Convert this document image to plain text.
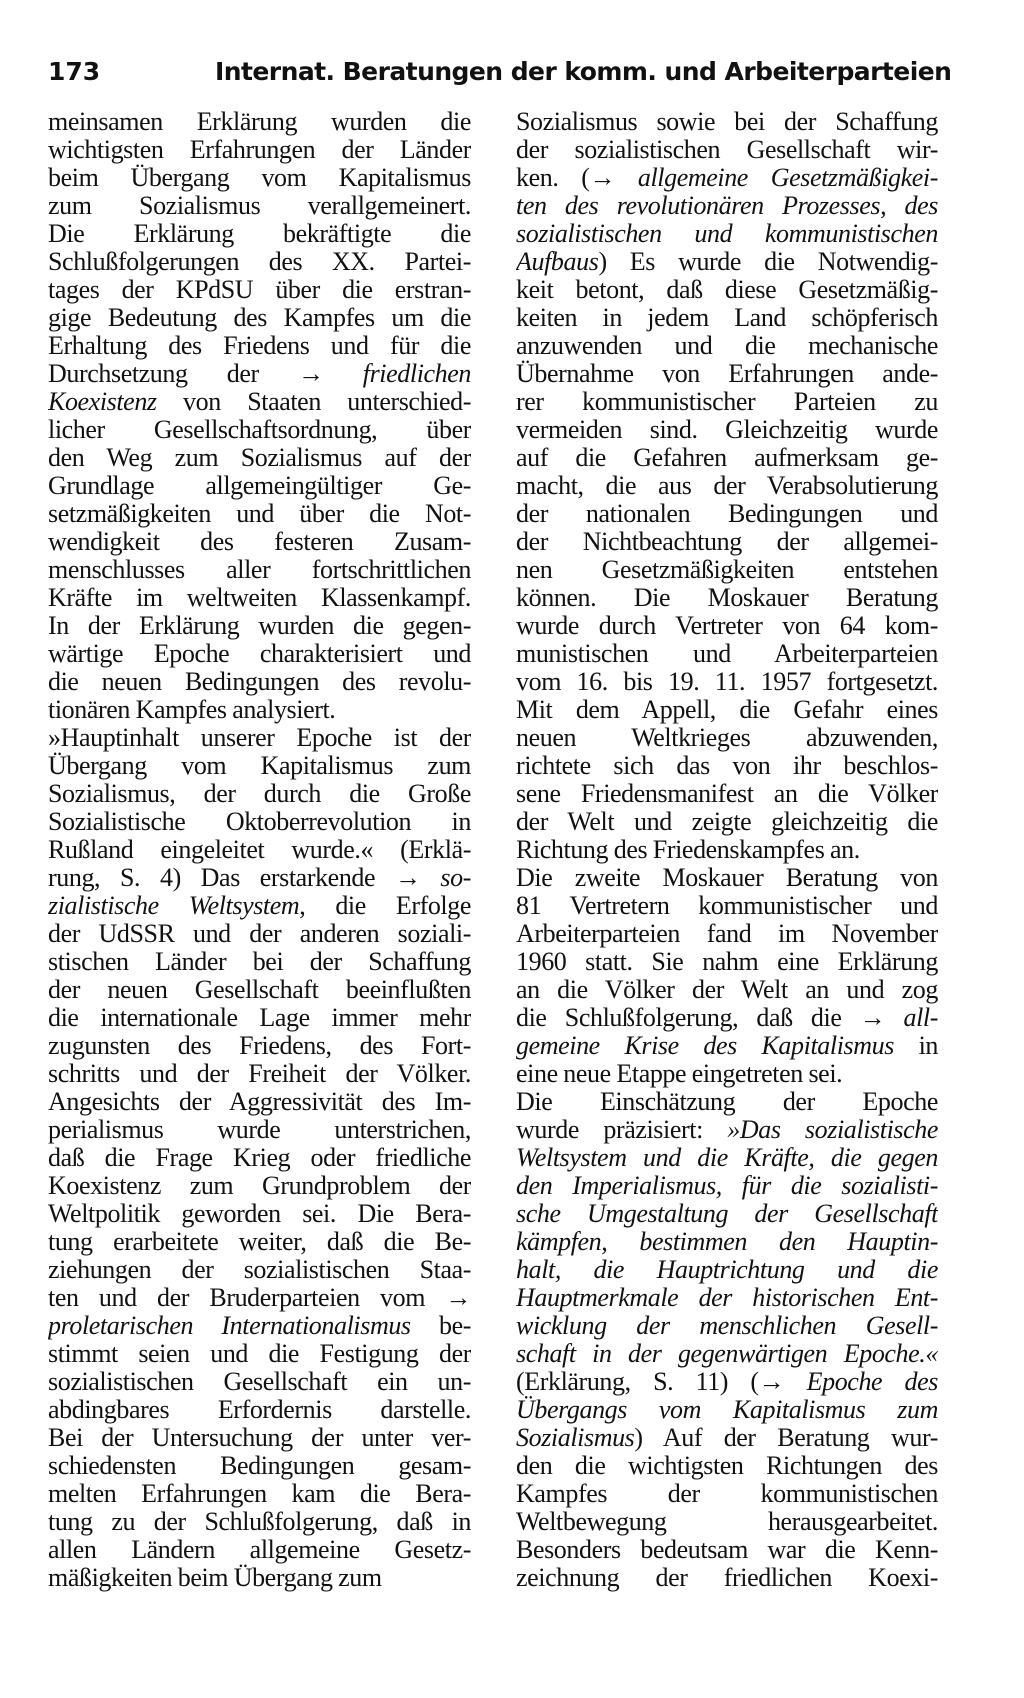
173	Internat. Beratungen der komm. und Arbeiterparteien
meinsamen Erklärung wurden die
wichtigsten Erfahrungen der Länder
beim Übergang vom Kapitalismus
zum Sozialismus verallgemeinert.
Die Erklärung bekräftigte die
Schlußfolgerungen des XX. Partei-
tages der KPdSU über die erstran-
gige Bedeutung des Kampfes um die
Erhaltung des Friedens und für die
Durchsetzung der → friedlichen
Koexistenz von Staaten unterschied-
licher Gesellschaftsordnung, über
den Weg zum Sozialismus auf der
Grundlage allgemeingültiger Ge-
setzmäßigkeiten und über die Not-
wendigkeit des festeren Zusam-
menschlusses aller fortschrittlichen
Kräfte im weltweiten Klassenkampf.
In der Erklärung wurden die gegen-
wärtige Epoche charakterisiert und
die neuen Bedingungen des revolu-
tionären Kampfes analysiert.
»Hauptinhalt unserer Epoche ist der
Übergang vom Kapitalismus zum
Sozialismus, der durch die Große
Sozialistische Oktoberrevolution in
Rußland eingeleitet wurde.« (Erklä-
rung, S. 4) Das erstarkende → so-
zialistische Weltsystem, die Erfolge
der UdSSR und der anderen soziali-
stischen Länder bei der Schaffung
der neuen Gesellschaft beeinflußten
die internationale Lage immer mehr
zugunsten des Friedens, des Fort-
schritts und der Freiheit der Völker.
Angesichts der Aggressivität des Im-
perialismus wurde unterstrichen,
daß die Frage Krieg oder friedliche
Koexistenz zum Grundproblem der
Weltpolitik geworden sei. Die Bera-
tung erarbeitete weiter, daß die Be-
ziehungen der sozialistischen Staa-
ten und der Bruderparteien vom →
proletarischen Internationalismus be-
stimmt seien und die Festigung der
sozialistischen Gesellschaft ein un-
abdingbares Erfordernis darstelle.
Bei der Untersuchung der unter ver-
schiedensten Bedingungen gesam-
melten Erfahrungen kam die Bera-
tung zu der Schlußfolgerung, daß in
allen Ländern allgemeine Gesetz-
mäßigkeiten beim Übergang zum
Sozialismus sowie bei der Schaffung
der sozialistischen Gesellschaft wir-
ken. (→ allgemeine Gesetzmäßigkei-
ten des revolutionären Prozesses, des
sozialistischen und kommunistischen
Aufbaus) Es wurde die Notwendig-
keit betont, daß diese Gesetzmäßig-
keiten in jedem Land schöpferisch
anzuwenden und die mechanische
Übernahme von Erfahrungen ande-
rer kommunistischer Parteien zu
vermeiden sind. Gleichzeitig wurde
auf die Gefahren aufmerksam ge-
macht, die aus der Verabsolutierung
der nationalen Bedingungen und
der Nichtbeachtung der allgemei-
nen Gesetzmäßigkeiten entstehen
können. Die Moskauer Beratung
wurde durch Vertreter von 64 kom-
munistischen und Arbeiterparteien
vom 16. bis 19. 11. 1957 fortgesetzt.
Mit dem Appell, die Gefahr eines
neuen Weltkrieges abzuwenden,
richtete sich das von ihr beschlos-
sene Friedensmanifest an die Völker
der Welt und zeigte gleichzeitig die
Richtung des Friedenskampfes an.
Die zweite Moskauer Beratung von
81 Vertretern kommunistischer und
Arbeiterparteien fand im November
1960 statt. Sie nahm eine Erklärung
an die Völker der Welt an und zog
die Schlußfolgerung, daß die → all-
gemeine Krise des Kapitalismus in
eine neue Etappe eingetreten sei.
Die Einschätzung der Epoche
wurde präzisiert: »Das sozialistische
Weltsystem und die Kräfte, die gegen
den Imperialismus, für die sozialisti-
sche Umgestaltung der Gesellschaft
kämpfen, bestimmen den Hauptin-
halt, die Hauptrichtung und die
Hauptmerkmale der historischen Ent-
wicklung der menschlichen Gesell-
schaft in der gegenwärtigen Epoche.«
(Erklärung, S. 11) (→ Epoche des
Übergangs vom Kapitalismus zum
Sozialismus) Auf der Beratung wur-
den die wichtigsten Richtungen des
Kampfes der kommunistischen
Weltbewegung herausgearbeitet.
Besonders bedeutsam war die Kenn-
zeichnung der friedlichen Koexi-
